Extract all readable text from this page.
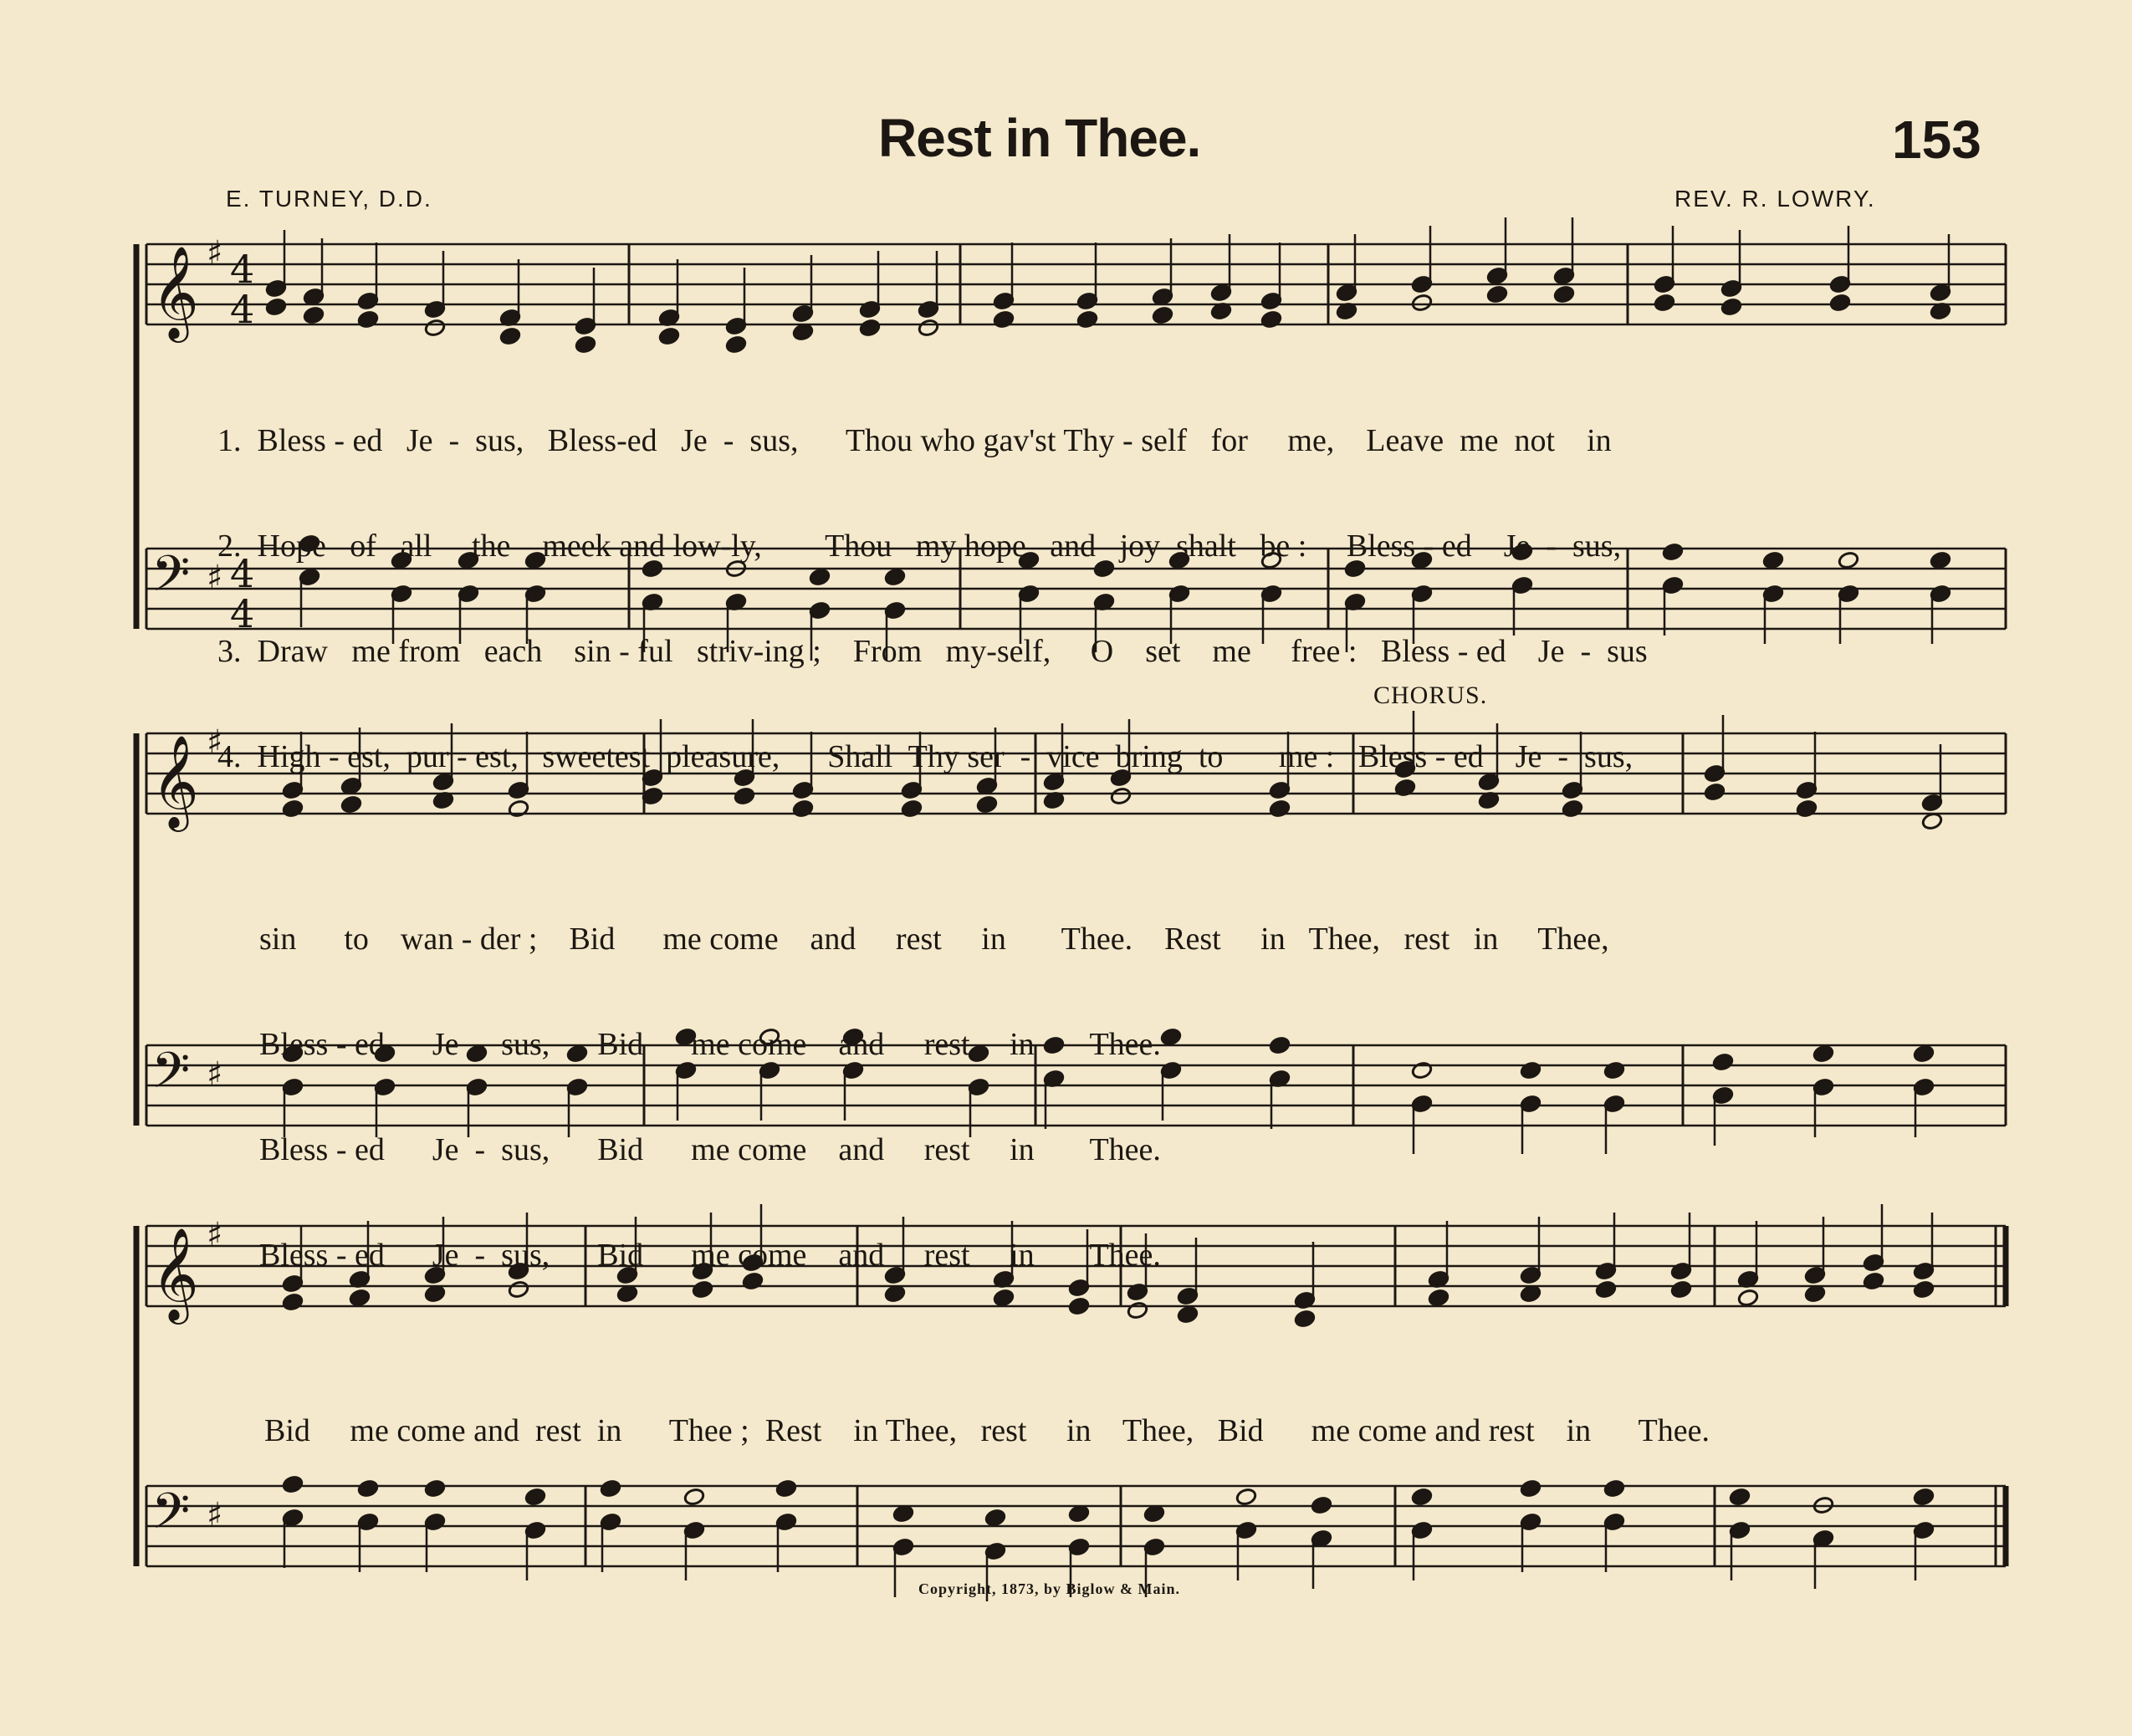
Rest in Thee.	153
E. TURNEY, D.D.	REV. R. LOWRY.
𝄞
𝄢
♯
♯
4
4
4
4
𝄞
𝄢
♯
♯
𝄞
𝄢
♯
♯
CHORUS.

1.  Bless - ed   Je  -  sus,   Bless-ed   Je  -  sus,      Thou who gav'st Thy - self   for     me,    Leave  me  not    in

2.  Hope   of   all     the    meek and low-ly,        Thou   my hope   and   joy  shalt   be :     Bless - ed    Je  -  sus,

3.  Draw   me from   each    sin - ful   striv-ing ;    From   my-self,     O    set    me     free :   Bless - ed    Je  -  sus

4.  High - est,  pur - est,   sweetest  pleasure,      Shall  Thy ser  -  vice  bring  to       me :   Bless - ed    Je  -  sus,

sin      to    wan - der ;    Bid      me come    and     rest     in       Thee.    Rest     in   Thee,   rest   in     Thee,

Bless - ed      Je  -  sus,      Bid      me come    and     rest     in       Thee.

Bless - ed      Je  -  sus,      Bid      me come    and     rest     in       Thee.

Bless - ed      Je  -  sus,      Bid      me come    and     rest     in       Thee.

Bid     me come and  rest  in      Thee ;  Rest    in Thee,   rest     in    Thee,   Bid      me come and rest    in      Thee.

Copyright, 1873, by Biglow & Main.
